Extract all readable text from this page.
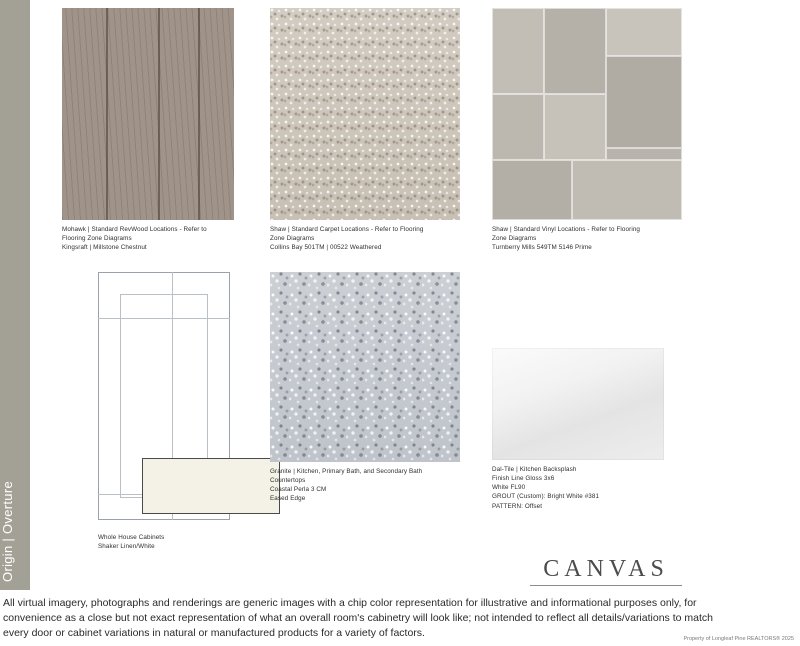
Origin | Overture
Mohawk | Standard RevWood Locations - Refer to
Flooring Zone Diagrams
Kingsraft | Millstone Chestnut
Shaw | Standard Carpet Locations - Refer to Flooring
Zone Diagrams
Collins Bay 501TM | 00522 Weathered
Shaw | Standard Vinyl Locations - Refer to Flooring
Zone Diagrams
Turnberry Mills 549TM 5146 Prime
Whole House Cabinets
Shaker Linen/White
Granite | Kitchen, Primary Bath, and Secondary Bath
Countertops
Coastal Perla 3 CM
Eased Edge
Dal-Tile | Kitchen Backsplash
Finish Line Gloss 3x6
White FL90
GROUT (Custom): Bright White #381
PATTERN: Offset
CANVAS
All virtual imagery, photographs and renderings are generic images with a chip color representation for illustrative and informational purposes only, for
convenience as a close but not exact representation of what an overall room's cabinetry will look like; not intended to reflect all details/variations to match
every door or cabinet variations in natural or manufactured products for a variety of factors.	Property of Longleaf Pine REALTORS® 2025
